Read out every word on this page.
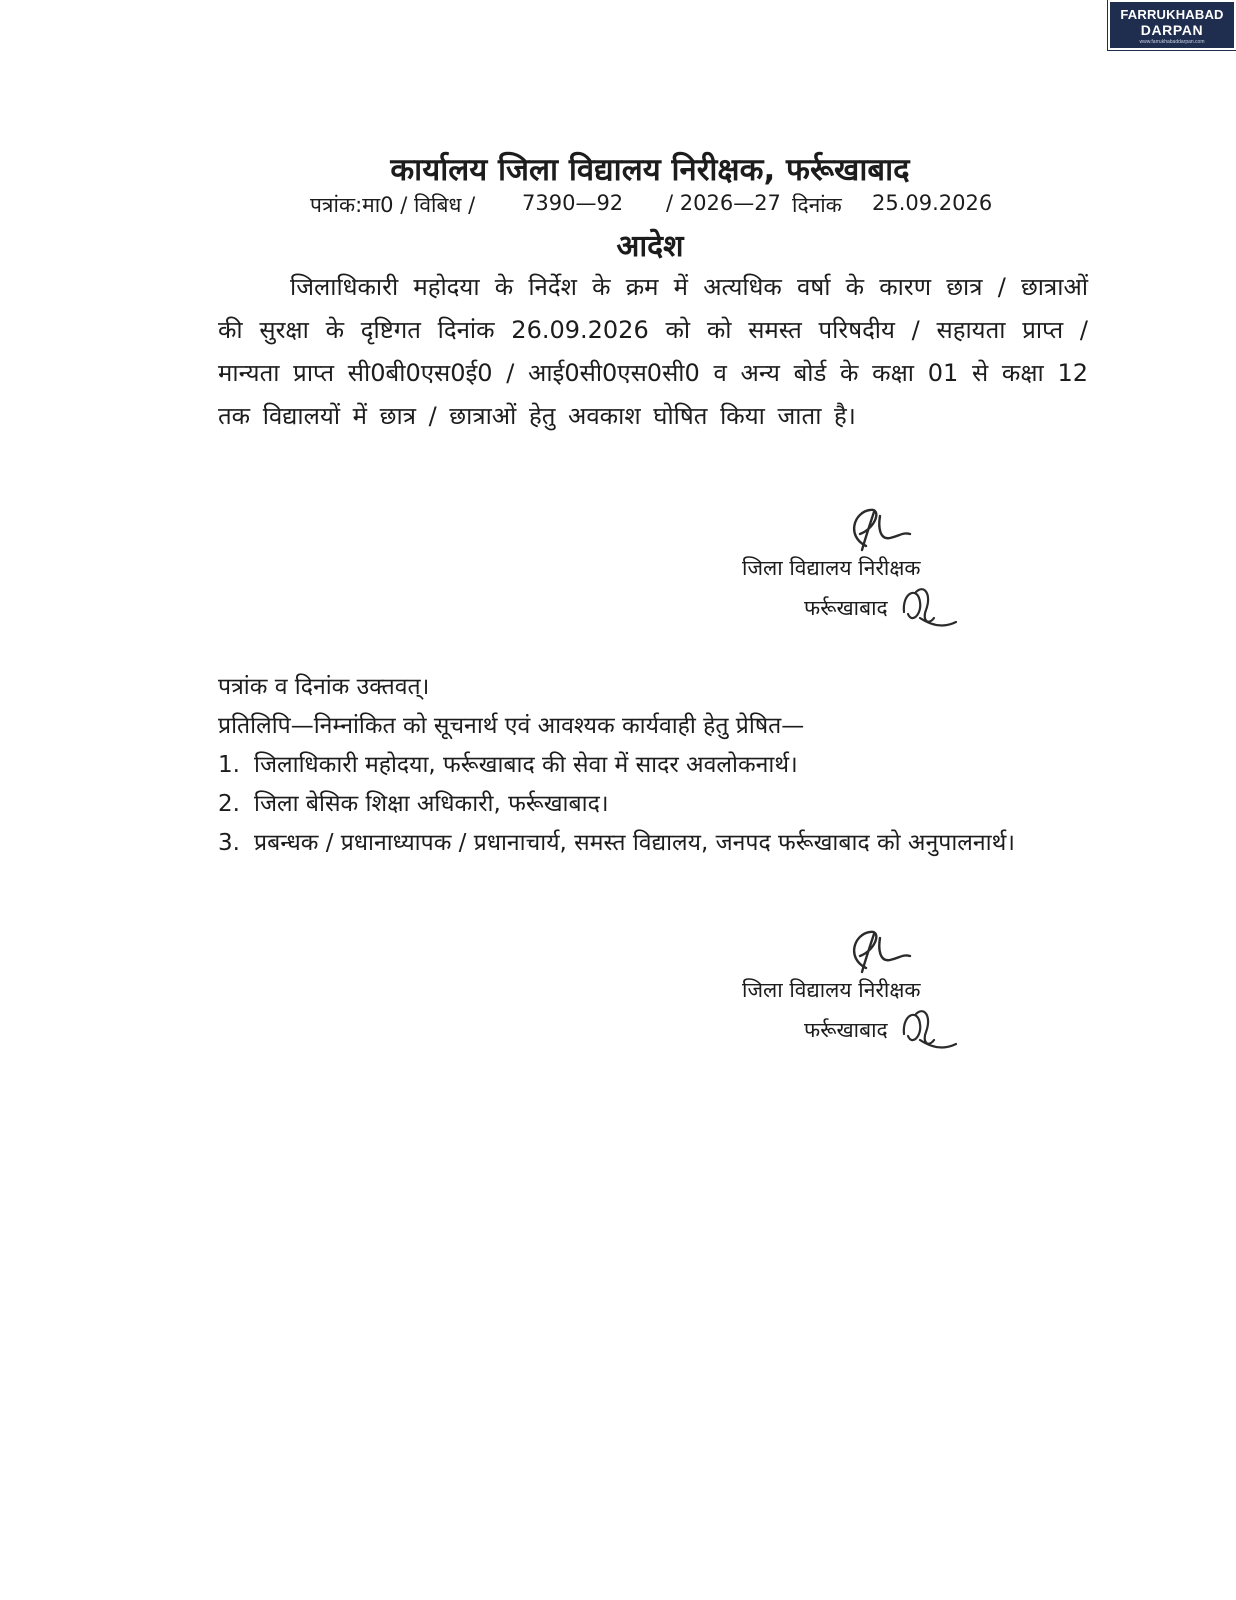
FARRUKHABAD
DARPAN
www.farrukhabaddarpan.com
कार्यालय जिला विद्यालय निरीक्षक, फर्रूखाबाद
पत्रांक:मा0 / विबिध / 7390—92 / 2026—27 दिनांक 25.09.2026
आदेश
जिलाधिकारी महोदया के निर्देश के क्रम में अत्यधिक वर्षा के कारण छात्र / छात्राओं की सुरक्षा के दृष्टिगत दिनांक 26.09.2026 को को समस्त परिषदीय / सहायता प्राप्त / मान्यता प्राप्त सी0बी0एस0ई0 / आई0सी0एस0सी0 व अन्य बोर्ड के कक्षा 01 से कक्षा 12 तक विद्यालयों में छात्र / छात्राओं हेतु अवकाश घोषित किया जाता है।
जिला विद्यालय निरीक्षक
फर्रूखाबाद
पत्रांक व दिनांक उक्तवत्।
प्रतिलिपि—निम्नांकित को सूचनार्थ एवं आवश्यक कार्यवाही हेतु प्रेषित—
1. जिलाधिकारी महोदया, फर्रूखाबाद की सेवा में सादर अवलोकनार्थ।
2. जिला बेसिक शिक्षा अधिकारी, फर्रूखाबाद।
3. प्रबन्धक / प्रधानाध्यापक / प्रधानाचार्य, समस्त विद्यालय, जनपद फर्रूखाबाद को अनुपालनार्थ।
जिला विद्यालय निरीक्षक
फर्रूखाबाद
